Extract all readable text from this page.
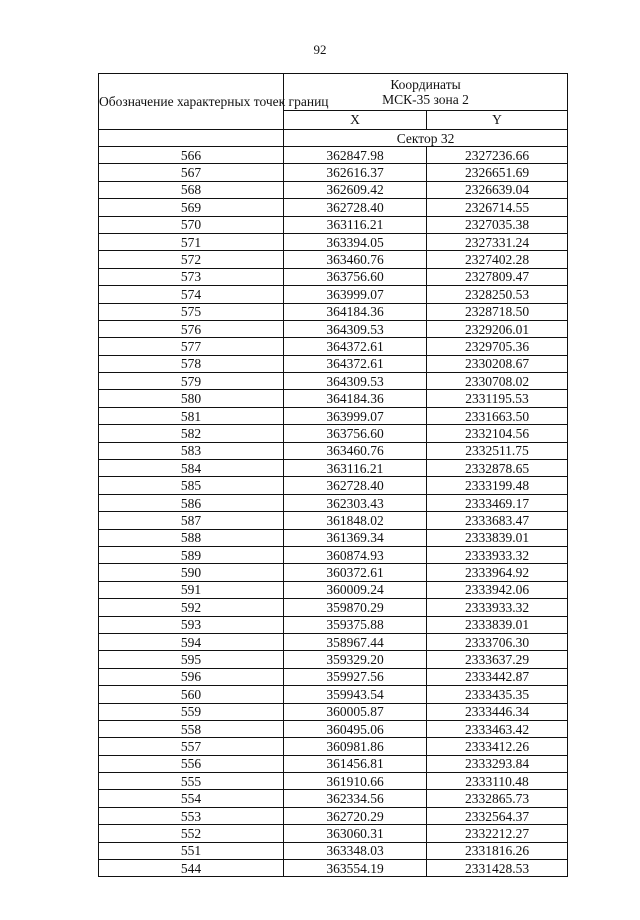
92
Обозначение характерных точек границ	Координаты
МСК-35 зона 2	

	X	Y
	Сектор 32	
566	362847.98	2327236.66
567	362616.37	2326651.69
568	362609.42	2326639.04
569	362728.40	2326714.55
570	363116.21	2327035.38
571	363394.05	2327331.24
572	363460.76	2327402.28
573	363756.60	2327809.47
574	363999.07	2328250.53
575	364184.36	2328718.50
576	364309.53	2329206.01
577	364372.61	2329705.36
578	364372.61	2330208.67
579	364309.53	2330708.02
580	364184.36	2331195.53
581	363999.07	2331663.50
582	363756.60	2332104.56
583	363460.76	2332511.75
584	363116.21	2332878.65
585	362728.40	2333199.48
586	362303.43	2333469.17
587	361848.02	2333683.47
588	361369.34	2333839.01
589	360874.93	2333933.32
590	360372.61	2333964.92
591	360009.24	2333942.06
592	359870.29	2333933.32
593	359375.88	2333839.01
594	358967.44	2333706.30
595	359329.20	2333637.29
596	359927.56	2333442.87
560	359943.54	2333435.35
559	360005.87	2333446.34
558	360495.06	2333463.42
557	360981.86	2333412.26
556	361456.81	2333293.84
555	361910.66	2333110.48
554	362334.56	2332865.73
553	362720.29	2332564.37
552	363060.31	2332212.27
551	363348.03	2331816.26
544	363554.19	2331428.53
